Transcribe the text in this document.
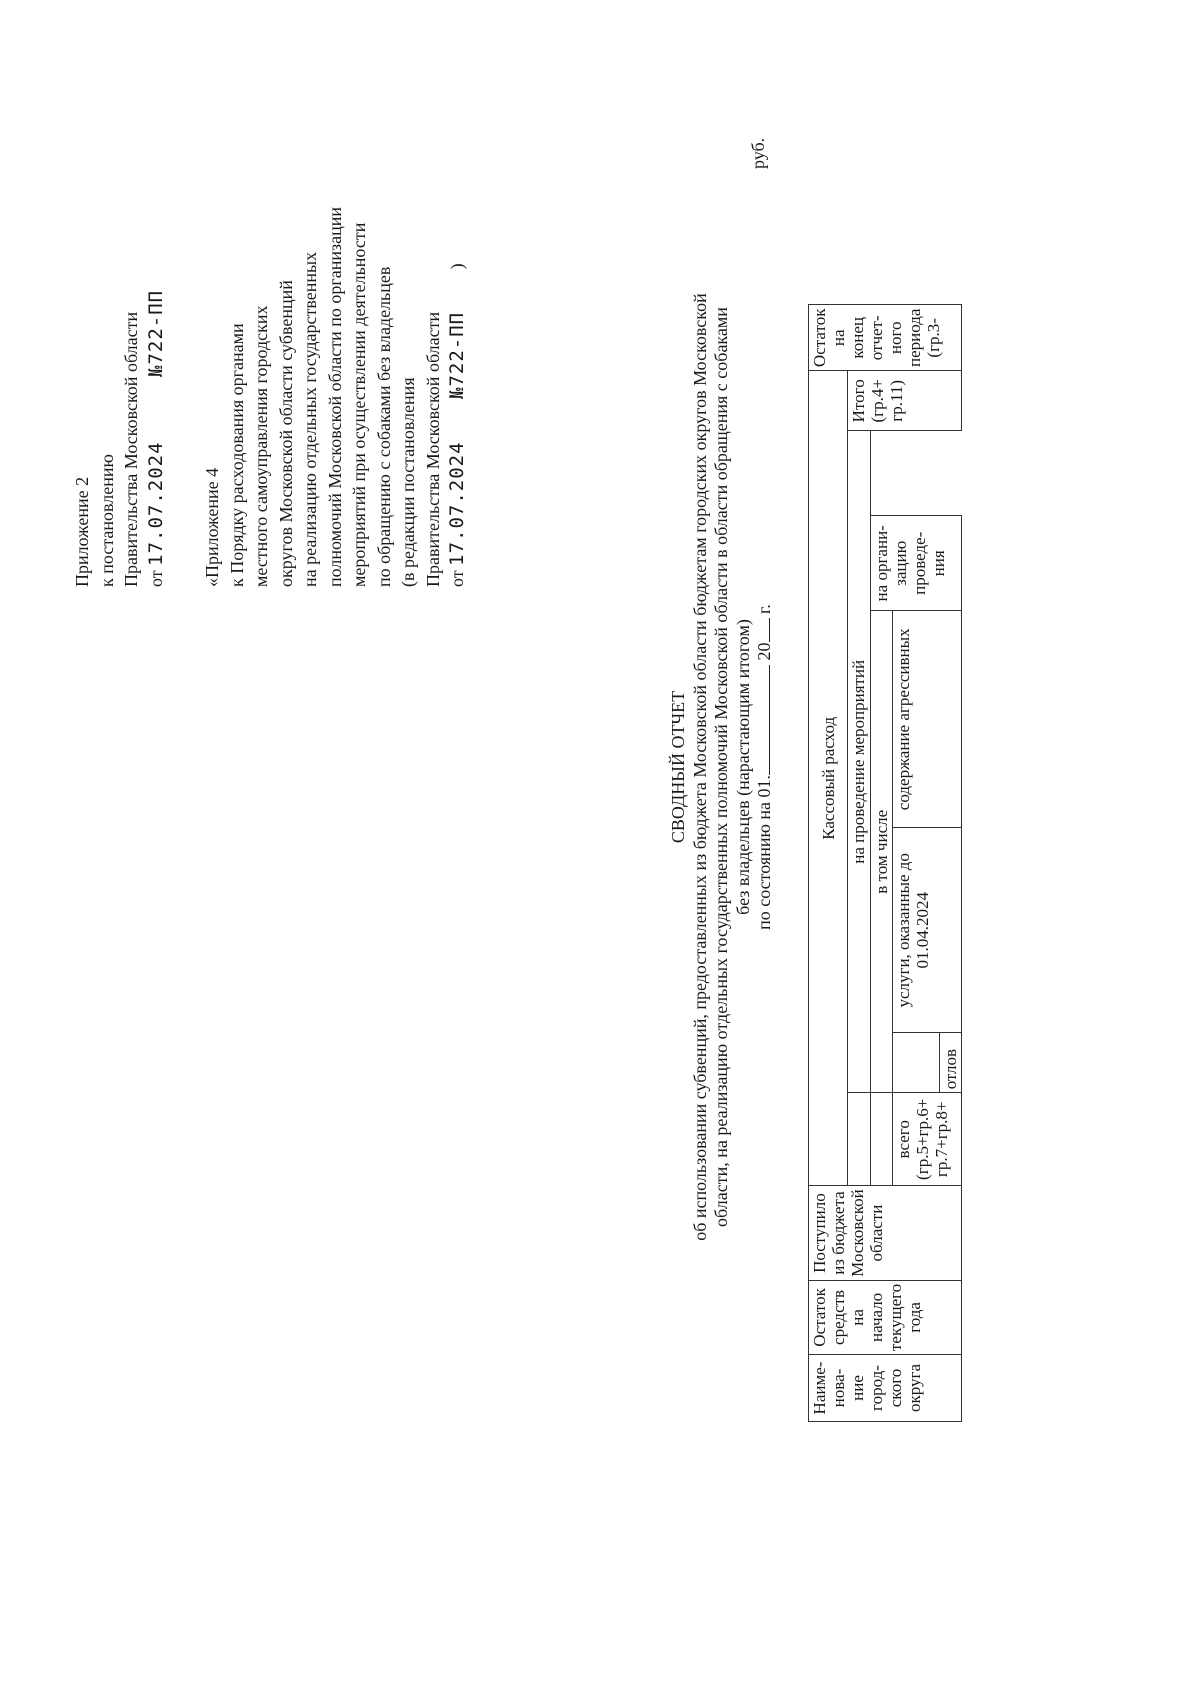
Приложение 2 к постановлению Правительства Московской области от 17.07.2024 №722-ПП
«Приложение 4 к Порядку расходования органами местного самоуправления городских округов Московской области субвенций на реализацию отдельных государственных полномочий Московской области по организации мероприятий при осуществлении деятельности по обращению с собаками без владельцев (в редакции постановления Правительства Московской области от 17.07.2024 №722-ПП )
СВОДНЫЙ ОТЧЕТ об использовании субвенций, предоставленных из бюджета Московской области бюджетам городских округов Московской области, на реализацию отдельных государственных полномочий Московской области в области обращения с собаками без владельцев (нарастающим итогом) по состоянию на 01. 20 г.
руб.
Наиме-нова-ние город-ского округа	Остаток средств на начало текущего года	Поступило из бюджета Московской области	Кассовый расход						Остаток на конец отчет-ного периода (гр.3-
				на проведение мероприятий				Итого (гр.4+ гр.11)	
				в том числе			на органи-зацию проведе-ния		
			всего (гр.5+гр.6+ гр.7+гр.8+		услуги, оказанные до 01.04.2024	содержание агрессивных			
				отлов					
